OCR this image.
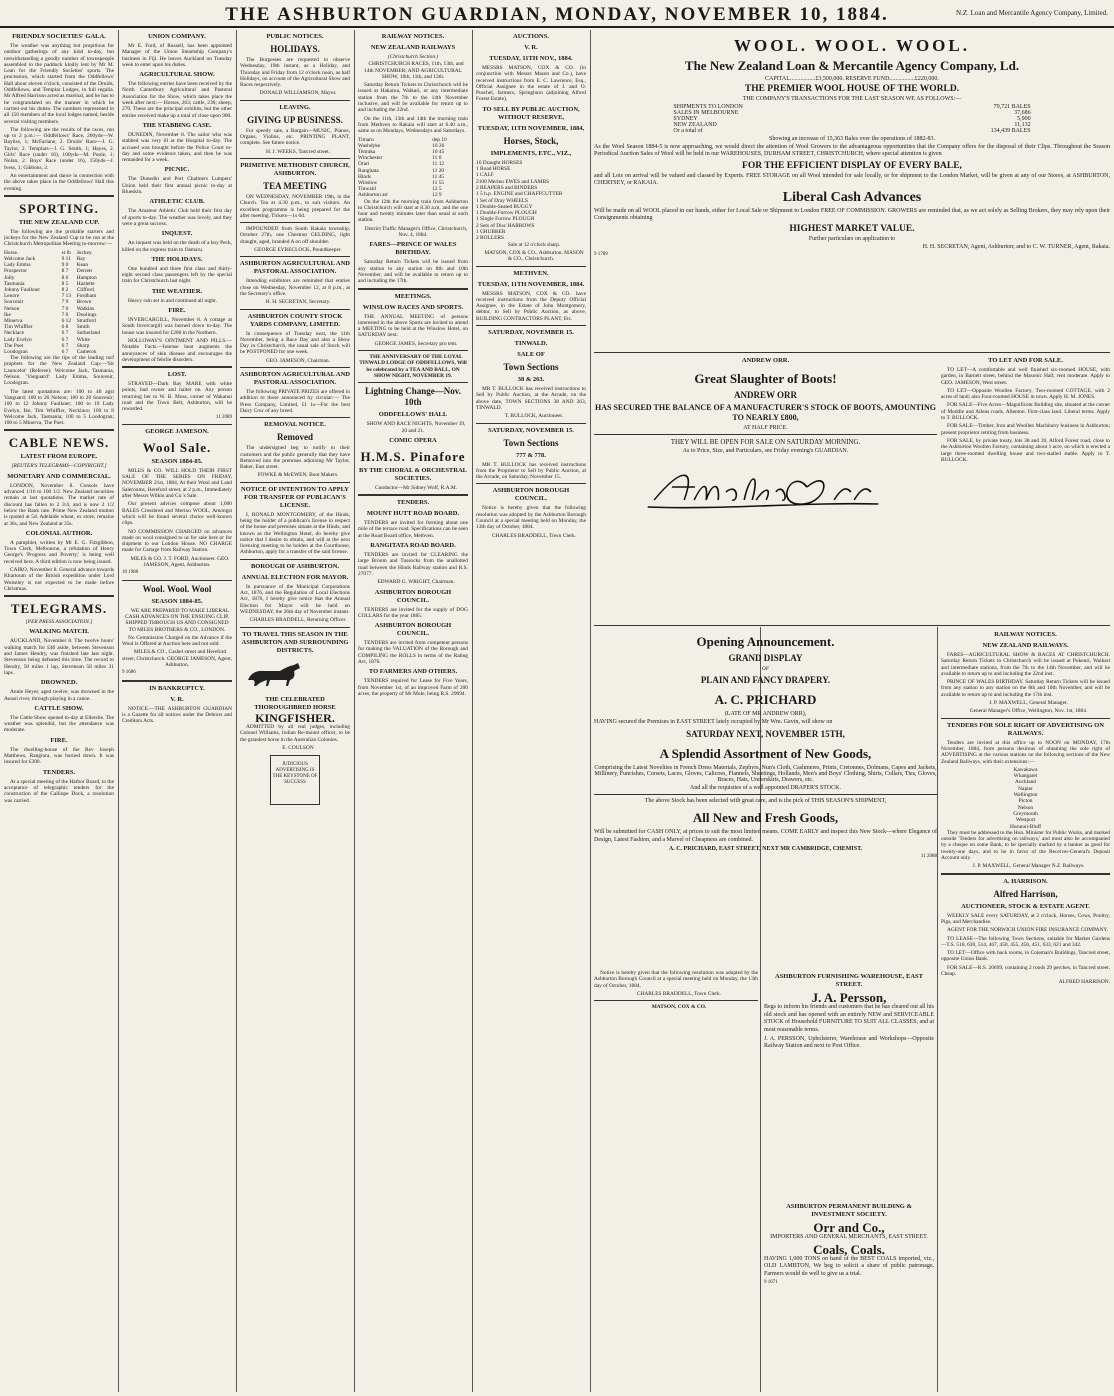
THE ASHBURTON GUARDIAN, MONDAY, NOVEMBER 10, 1884.	N.Z. Loan and Mercantile Agency Company, Limited.
FRIENDLY SOCIETIES' GALA.

The weather was anything but propitious for outdoor gatherings of any kind to-day, but notwithstanding a goodly number of townspeople assembled in the paddock kindly lent by Mr M. Lean for the Friendly Societies' sports. The procession, which started from the Oddfellows' Hall about eleven o'clock, consisted of the Druids, Oddfellows, and Templar Lodges, in full regalia. Mr Alfred Harrison acted as marshal, and he has to be congratulated on the manner in which he carried out his duties. The numbers represented in all 150 members of the local lodges named, beside several visiting members.

The following are the results of the races, run up to 2 p.m.:— Oddfellows' Race, 200yds—W. Bayliss, 1; McFarlane, 2. Druids' Race—J. G. Taylor, 2. Templars—J. G. Smith, 1; Hayes, 2. Girls' Race (under 16), 100yds—M. Poole, 1; Nolan, 2. Boys' Race (under 16), 150yds—J. Ivess, 1; Gibbons, 2.

An entertainment and dance in connection with the above takes place in the Oddfellows' Hall this evening.

SPORTING.
THE NEW ZEALAND CUP.

The following are the probable starters and jockeys for the New Zealand Cup to be run at the Christchurch Metropolitan Meeting to-morrow:—

Horse.	st lb	Jockey.
Welcome Jack	9 11	Ray
Lady Emma	9 0	Kean
Prospector	8 7	Derrett
Jolly	8 6	Hampton
Tasmania	8 5	Hazlette
Johnny Faulkner	8 2	Clifford
Lenore	7 13	Fordham
Souvenir	7 9	Brown
Nelson	7 0	Watkins
Ike	7 0	Doolings
Minerva	6 12	Stratford
Tim Whiffler	6 8	Smith
Necklace	6 7	Sutherland
Lady Evelyn	6 7	White
The Poet	6 7	Sharp
Loodogran	6 7	Cameron

The following are the tips of the leading turf prophets for the New Zealand Cup:—'Sir Launcelot' (Referee): Welcome Jack, Tasmania, Nelson. 'Vanguard': Lady Emma, Souvenir, Loodogran.

The latest quotations are: 100 to 40 agst Vanguard; 100 to 20 Nelson; 100 to 20 Souvenir; 100 to 12 Johnny Faulkner; 100 to 10 Lady Evelyn, Ike, Tim Whiffler, Necklace; 100 to 8 Welcome Jack, Tasmania; 100 to 5 Loodogran; 100 to 5 Minerva, The Poet.

CABLE NEWS.
LATEST FROM EUROPE.
[REUTER'S TELEGRAMS—COPYRIGHT.]
MONETARY AND COMMERCIAL.

LONDON, November 8. Consols have advanced 1/16 to 100 1/2. New Zealand securities remain at last quotations. The market rate of discount has fallen to 2 3/4, and is now 2 1/2 below the Bank rate. Prime New Zealand mutton is quoted at 5d. Adelaide wheat, ex store, remains at 36s, and New Zealand at 35s.

COLONIAL AUTHOR.

A pamphlet, written by Mr E. G. Fitzgibbon, Town Clerk, Melbourne, a refutation of Henry George's 'Progress and Poverty,' is being well received here. A third edition is now being issued.

CAIRO, November 8. General advance towards Khartoum of the British expedition under Lord Wolseley is not expected to be made before Christmas.

TELEGRAMS.
[PER PRESS ASSOCIATION.]
WALKING MATCH.

AUCKLAND, November 8. The twelve hours' walking match for £40 aside, between Stevenson and James Hendry, was finished late last night. Stevenson being defeated this time. The record to Hendry, 50 miles 1 lap, Stevenson 58 miles 31 laps.

DROWNED.

Annie Heyer, aged twelve, was drowned in the Awaoi river, through playing in a canoe.

CATTLE SHOW.

The Cattle Show opened to-day at Ellerslie. The weather was splendid, but the attendance was moderate.

FIRE.

The dwelling-house of the Rev Joseph Matthews, Rangiora, was burned down. It was insured for £300.

TENDERS.

At a special meeting of the Harbor Board, to the acceptance of telegraphic tenders for the construction of the Calliope Dock, a resolution was carried.

UNION COMPANY.

Mr E. Ford, of Russell, has been appointed Manager of the Union Steamship Company's business in Fiji. He leaves Auckland on Tuesday week to enter upon his duties.

AGRICULTURAL SHOW.

The following entries have been received by the North Canterbury Agricultural and Pastoral Association for the Show, which takes place the week after next:— Horses, 263; cattle, 236; sheep, 270. These are the principal exhibits, but the other entries received make up a total of close upon 900.

THE STABBING CASE.

DUNEDIN, November 8. The sailor who was stabbed was very ill at the Hospital to-day. The accused was brought before the Police Court to-day and some evidence taken, and then he was remanded for a week.

PICNIC.

The Dunedin and Port Chalmers Lumpers' Union held their first annual picnic to-day at Blueskin.

ATHLETIC CLUB.

The Amateur Athletic Club held their first day of sports to-day. The weather was lovely, and they were a great success.

INQUEST.

An inquest was held on the death of a boy Peck, killed on the express train to Oamaru.

THE HOLIDAYS.

One hundred and three first class and thirty-eight second class passengers left by the special train for Christchurch last night.

THE WEATHER.

Heavy rain set in and continued all night.

FIRE.

INVERCARGILL, November 8. A cottage at South Invercargill was burned down to-day. The house was insured for £200 in the Northern.

HOLLOWAY'S OINTMENT AND PILLS.— Notable Facts.—Intense heat augments the annoyances of skin disease and encourages the development of febrile disorders.

LOST.

STRAYED—Dark Bay MARE with white points, bad owner and halter on. Any person returning her to W. B. Moss, corner of Wakanui road and the Town Belt, Ashburton, will be rewarded.

11 2089
GEORGE JAMESON.
Wool Sale.
SEASON 1884-85.

MILES & CO. WILL HOLD THEIR FIRST SALE OF THE SERIES ON FRIDAY, NOVEMBER 21st, 1884, At their Wool and Land Salerooms, Hereford street, at 2 p.m., Immediately after Messrs Wilkin and Co.'s Sale.

Our present advices compose about 1,000 BALES Crossbred and Merino WOOL, Amongst which will be found several choice well-known clips.

NO COMMISSION CHARGED on advances made on wool consigned to us for sale here or for shipment to our London House. NO CHARGE made for Cartage from Railway Station.

MILES & CO. J. T. FORD, Auctioneer. GEO. JAMESON, Agent, Ashburton.

10 1980
Wool. Wool. Wool
SEASON 1884-85.

WE ARE PREPARED TO MAKE LIBERAL CASH ADVANCES ON THE ENSUING CLIP, SHIPPED THROUGH US AND CONSIGNED TO MILES BROTHERS & CO., LONDON.

No Commission Charged on the Advance if the Wool is Offered at Auction here and not sold.

MILES & CO., Cashel street and Hereford street, Christchurch. GEORGE JAMESON, Agent, Ashburton.

9 1686
IN BANKRUPTCY.
V. R.

NOTICE.—THE ASHBURTON GUARDIAN is a Gazette for all notices under the Debtors and Creditors Acts.

PUBLIC NOTICES.
HOLIDAYS.

The Burgesses are requested to observe Wednesday, 19th instant, as a Holiday, and Thursday and Friday from 12 o'clock noon, as half Holidays, on account of the Agricultural Show and Races respectively.

DONALD WILLIAMSON, Mayor.

LEAVING.
GIVING UP BUSINESS.

For speedy sale, a Bargain—MUSIC, Pianos, Organs, Violins, etc. PRINTING PLANT, complete. See future notice.

H. J. WEEKS, Tancred street.

PRIMITIVE METHODIST CHURCH, ASHBURTON.
TEA MEETING

ON WEDNESDAY, NOVEMBER 19th, in the Church. Tea at 4.30 p.m., to suit visitors. An excellent programme is being prepared for the after meeting. Tickets—1s 6d.

IMPOUNDED from South Rakaia township, October 27th, one Chestnut GELDING, light draught, aged, branded A on off shoulder.

GEORGE EYRECLOCK, Poundkeeper.

ASHBURTON AGRICULTURAL AND PASTORAL ASSOCIATION.

Intending exhibitors are reminded that entries close on Wednesday, November 12, at 8 p.m., at the Secretary's office.

H. H. SECRETAN, Secretary.

ASHBURTON COUNTY STOCK YARDS COMPANY, LIMITED.

In consequence of Tuesday next, the 11th November, being a Race Day and also a Show Day in Christchurch, the usual sale of Stock will be POSTPONED for one week.

GEO. JAMESON, Chairman.

ASHBURTON AGRICULTURAL AND PASTORAL ASSOCIATION.

The following PRIVATE PRIZES are offered in addition to those announced by circular:— The Press Company, Limited, £1 1s—For the best Dairy Cow of any breed.

REMOVAL NOTICE.
Removed

The undersigned beg to notify to their customers and the public generally that they have Removed into the premises adjoining Mr Taylor, Baker, East street.

FOWKE & McEWEN, Boot Makers.

NOTICE OF INTENTION TO APPLY FOR TRANSFER OF PUBLICAN'S LICENSE.

I, RONALD MONTGOMERY, of the Hinds, being the holder of a publican's license in respect of the house and premises situate at the Hinds, and known as the Wellington Hotel, do hereby give notice that I desire to obtain, and will at the next licensing meeting to be holden at the Courthouse, Ashburton, apply for a transfer of the said license.

BOROUGH OF ASHBURTON.
ANNUAL ELECTION FOR MAYOR.

In pursuance of the Municipal Corporations Act, 1876, and the Regulation of Local Elections Act, 1876, I hereby give notice that the Annual Election for Mayor will be held on WEDNESDAY, the 26th day of November instant.

CHARLES BRADDELL, Returning Officer.

TO TRAVEL THIS SEASON IN THE ASHBURTON AND SURROUNDING DISTRICTS.
THE CELEBRATED THOROUGHBRED HORSE
KINGFISHER.

ADMITTED by all real judges, including Colonel Williams, Indian Re-mount officer, to be the grandest horse in the Australian Colonies.

E. COULSON

JUDICIOUS ADVERTISING IS THE KEYSTONE OF SUCCESS
RAILWAY NOTICES.
NEW ZEALAND RAILWAYS
(Christchurch Section.)

CHRISTCHURCH RACES, 11th, 13th, and 14th NOVEMBER; AND AGRICULTURAL SHOW, 10th, 11th, and 12th.

Saturday Return Tickets to Christchurch will be issued at Hakaroa, Waikari, or any intermediate station from the 7th to the 14th November inclusive, and will be available for return up to and including the 22nd.

On the 11th, 13th and 14th the morning train from Methven to Rakaia will start at 6.40 a.m., same as on Mondays, Wednesdays and Saturdays.

Timaru	dep 10
Washdyke	10 26
Temuka	10 45
Winchester	11 0
Orari	11 12
Rangitata	11 20
Hinds	11 45
Winslow	11 55
Tinwald	12 5
Ashburton arr	12 9

On the 12th the morning train from Ashburton to Christchurch will start at 8.30 a.m. and the one hour and twenty minutes later than usual at each station.

District Traffic Manager's Office, Christchurch, Nov. 4, 1884.

FARES—PRINCE OF WALES BIRTHDAY.

Saturday Return Tickets will be issued from any station to any station on 8th and 10th November, and will be available to return up to and including the 17th.

MEETINGS.
WINSLOW RACES AND SPORTS.

THE ANNUAL MEETING of persons interested in the above Sports are invited to attend a MEETING to be held at the Winslow Hotel, on SATURDAY next.

GEORGE JAMES, Secretary pro tem.

THE ANNIVERSARY OF THE LOYAL TINWALD LODGE OF ODDFELLOWS, Will be celebrated by a TEA AND BALL, ON SHOW NIGHT, NOVEMBER 19.

Lightning Change—Nov. 10th
ODDFELLOWS' HALL

SHOW AND RACE NIGHTS, November 19, 20 and 21.

COMIC OPERA
H.M.S. Pinafore
BY THE CHORAL & ORCHESTRAL SOCIETIES.

Conductor—Mr Sidney Wolf, R.A.M.

TENDERS.
MOUNT HUTT ROAD BOARD.

TENDERS are invited for forming about one mile of the terrace road. Specifications can be seen at the Road Board office, Methven.

RANGITATA ROAD BOARD.

TENDERS are invited for CLEARING the large Broom and Tussocks from the unallotted road between the Hinds Railway station and R.S. 27077.

EDWARD G. WRIGHT, Chairman.

ASHBURTON BOROUGH COUNCIL.

TENDERS are invited for the supply of DOG COLLARS for the year 1885.

ASHBURTON BOROUGH COUNCIL.

TENDERS are invited from competent persons for making the VALUATION of the Borough and COMPILING the ROLLS in terms of the Rating Act, 1876.

TO FARMERS AND OTHERS.

TENDERS required for Lease for Five Years, from November 1st, of an improved Farm of 200 acres, the property of Mr Mole, being R.S. 29694.

AUCTIONS.
V. R.
TUESDAY, 11TH NOV., 1884.

MESSRS MATSON, COX & CO. (in conjunction with Messrs Mason and Co.), have received instructions from E. C. Lawrence, Esq., Official Assignee in the estate of J. and O. Puschel, farmers, Springburn (adjoining Alford Forest Estate),

TO SELL BY PUBLIC AUCTION, WITHOUT RESERVE,
TUESDAY, 11TH NOVEMBER, 1884,
Horses, Stock,
IMPLEMENTS, ETC., VIZ.,
16 Draught HORSES
1 Road HORSE
1 CALF
2100 Merino EWES and LAMBS
2 REAPERS and BINDERS
1 5 h.p. ENGINE and CHAFFCUTTER
1 Set of Dray WHEELS
1 Double-Seated BUGGY
1 Double-Furrow PLOUGH
1 Single Furrow PLOUGH
2 Sets of Disc HARROWS
1 GRUBBER
2 ROLLERS

Sale at 12 o'clock sharp.

MATSON, COX & CO., Ashburton. MASON & CO., Christchurch.

METHVEN.
TUESDAY, 11TH NOVEMBER, 1884.

MESSRS MATSON, COX & CO. have received instructions from the Deputy Official Assignee, in the Estate of John Montgomery, debtor, to Sell by Public Auction, as above, BUILDING CONTRACTORS PLANT, Etc.

SATURDAY, NOVEMBER 15.
TINWALD.
SALE OF
Town Sections
38 & 263.

MR T. BULLOCK has received instructions to Sell by Public Auction, at the Arcade, on the above date, TOWN SECTIONS 38 AND 263, TINWALD.

T. BULLOCK, Auctioneer.

SATURDAY, NOVEMBER 15.
Town Sections
777 & 778.

MR T. BULLOCK has received instructions from the Proprietor to Sell by Public Auction, at the Arcade, on Saturday, November 15.

ASHBURTON BOROUGH COUNCIL.

Notice is hereby given that the following resolution was adopted by the Ashburton Borough Council at a special meeting held on Monday, the 13th day of October, 1884.

CHARLES BRADDELL, Town Clerk.

WOOL. WOOL. WOOL.
The New Zealand Loan & Mercantile Agency Company, Ld.
CAPITAL.................£3,500,000. RESERVE FUND.................£220,000.
THE PREMIER WOOL HOUSE OF THE WORLD.
THE COMPANY'S TRANSACTIONS FOR THE LAST SEASON WE AS FOLLOWS:—
SHIPMENTS TO LONDON	79,721 BALES
SALES IN MELBOURNE	37,686
SYDNEY	5,900
NEW ZEALAND	11,132
Or a total of	134,439 BALES
Showing an increase of 15,363 Bales over the operations of 1882-83.
As the Wool Season 1884-5 is now approaching, we would direct the attention of Wool Growers to the advantageous opportunities that the Company offers for the disposal of their Clips. Throughout the Season Periodical Auction Sales of Wool will be held in our WAREHOUSES, DURHAM STREET, CHRISTCHURCH, where special attention is given
FOR THE EFFICIENT DISPLAY OF EVERY BALE,
and all Lots on arrival will be valued and classed by Experts. FREE STORAGE on all Wool intended for sale locally, or for shipment to the London Market, will be given at any of our Stores, at ASHBURTON, CHERTSEY, or RAKAIA.
Liberal Cash Advances
Will be made on all WOOL placed in our hands, either for Local Sale or Shipment to London FREE OF COMMISSION. GROWERS are reminded that, as we act solely as Selling Brokers, they may rely upon their Consignments obtaining
HIGHEST MARKET VALUE.
Further particulars on application to
H. H. SECRETAN, Agent, Ashburton; and to C. W. TURNER, Agent, Rakaia.
9 1789
ANDREW ORR.
Great Slaughter of Boots!
ANDREW ORR
HAS SECURED THE BALANCE OF A MANUFACTURER'S STOCK OF BOOTS, AMOUNTING TO NEARLY £800,
AT HALF PRICE.
THEY WILL BE OPEN FOR SALE ON SATURDAY MORNING.
As to Price, Size, and Particulars, see Friday evening's GUARDIAN.
TO LET AND FOR SALE.

TO LET—A comfortable and well finished six-roomed HOUSE, with garden, in Barnett street, behind the Masonic Hall; rent moderate. Apply to GEO. JAMESON, West street.

TO LET—Opposite Woollen Factory, Two-roomed COTTAGE, with 2 acres of land; also Four-roomed HOUSE in town. Apply H. M. JONES.

FOR SALE—Five Acres—Magnificent Building site, situated at the corner of Moddle and Allens roads, Allenton. First-class land. Liberal terms. Apply to T. BULLOCK.

FOR SALE—Timber, Iron and Woollen Machinery business in Ashburton; present proprietor retiring from business.

FOR SALE, by private treaty, lots 38 and 39, Alford Forest road, close to the Ashburton Woollen Factory, containing about 1 acre, on which is erected a large three-roomed dwelling house and two-stalled stable. Apply to T. BULLOCK.

Opening Announcement.
GRAND DISPLAY
OF
PLAIN AND FANCY DRAPERY.
A. C. PRICHARD
(LATE OF MR ANDREW ORR),
HAVING secured the Premises in EAST STREET lately occupied by Mr Wm. Gavin, will show on
SATURDAY NEXT, NOVEMBER 15TH,
A Splendid Assortment of New Goods,
Comprising the Latest Novelties in French Dress Materials, Zephyrs, Nun's Cloth, Cashmeres, Prints, Cretonnes, Dolmans, Capes and Jackets, Millinery, Funcishes, Corsets, Laces, Gloves, Calicoes, Flannels, Sheetings, Hollands, Men's and Boys' Clothing, Shirts, Collars, Ties, Gloves, Braces, Hats, Underskirts, Drawers, etc.
And all the requisites of a well appointed DRAPER'S STOCK.
The above Stock has been selected with great care, and is the pick of THIS SEASON'S SHIPMENT,
All New and Fresh Goods,
Will be submitted for CASH ONLY, at prices to suit the most limited means. COME EARLY and inspect this New Stock—where Elegance of Design, Latest Fashion, and a Marvel of Cheapness are combined.
A. C. PRICHARD, EAST STREET, NEXT MR CAMBRIDGE, CHEMIST.
11 2088
ASHBURTON FURNISHING WAREHOUSE, EAST STREET.
J. A. Persson,
Begs to inform his friends and customers that he has cleared out all his old stock and has opened with an entirely NEW and SERVICEABLE STOCK of Household FURNITURE TO SUIT ALL CLASSES, and at most reasonable terms.
J. A. PERSSON, Upholsterer, Warehouse and Workshops—Opposite Railway Station and next to Post Office.
ASHBURTON PERMANENT BUILDING & INVESTMENT SOCIETY.
Orr and Co.,
IMPORTERS AND GENERAL MERCHANTS, EAST STREET.
Coals, Coals.
HAVING 1,000 TONS on hand of the BEST COALS imported, viz., OLD LAMBTON, We beg to solicit a share of public patronage. Farmers would do well to give us a trial.
9 1671

Notice is hereby given that the following resolution was adopted by the Ashburton Borough Council at a special meeting held on Monday, the 13th day of October, 1884.

CHARLES BRADDELL, Town Clerk.

MATSON, COX & CO.

RAILWAY NOTICES.
NEW ZEALAND RAILWAYS.

FARES—AGRICULTURAL SHOW & RACES AT CHRISTCHURCH. Saturday Return Tickets to Christchurch will be issued at Pukeuri, Waikari and intermediate stations, from the 7th to the 14th November, and will be available to return up to and including the 22nd inst.

PRINCE OF WALES BIRTHDAY. Saturday Return Tickets will be issued from any station to any station on the 8th and 10th November, and will be available to return up to and including the 17th inst.

J. P. MAXWELL, General Manager.

General Manager's Office, Wellington, Nov. 1st, 1884.

TENDERS FOR SOLE RIGHT OF ADVERTISING ON RAILWAYS.

Tenders are invited at this office up to NOON on MONDAY, 17th November, 1884, from persons desirous of obtaining the sole right of ADVERTISING at the various stations on the following sections of the New Zealand Railways, with their extensions:—

Kawakawa
Whangarei
Auckland
Napier
Wellington
Picton
Nelson
Greymouth
Westport
Hurunui-Bluff

They must be addressed to the Hon. Minister for Public Works, and marked outside 'Tenders for advertising on railways,' and must also be accompanied by a cheque on some Bank, to be specially marked by a banker as good for twenty-one days, and to be in favor of the Receiver-General's Deposit Account only.

J. P. MAXWELL, General Manager N.Z. Railways.

A. HARRISON.
Alfred Harrison,
AUCTIONEER, STOCK & ESTATE AGENT.

WEEKLY SALE every SATURDAY, at 2 o'clock, Horses, Cows, Poultry, Pigs, and Merchandise.

AGENT FOR THE NORWICH UNION FIRE INSURANCE COMPANY.

TO LEASE—The following Town Sections, suitable for Market Gardens—T.S. 510, 630, 514, 467, 450, 455, 456, 451, 633, 621 and 342.

TO LET—Office with back rooms, in Coleman's Buildings, Tancred street, opposite Union Bank.

FOR SALE—R.S. 20699, containing 2 roods 29 perches, in Tancred street. Cheap.

ALFRED HARRISON.
